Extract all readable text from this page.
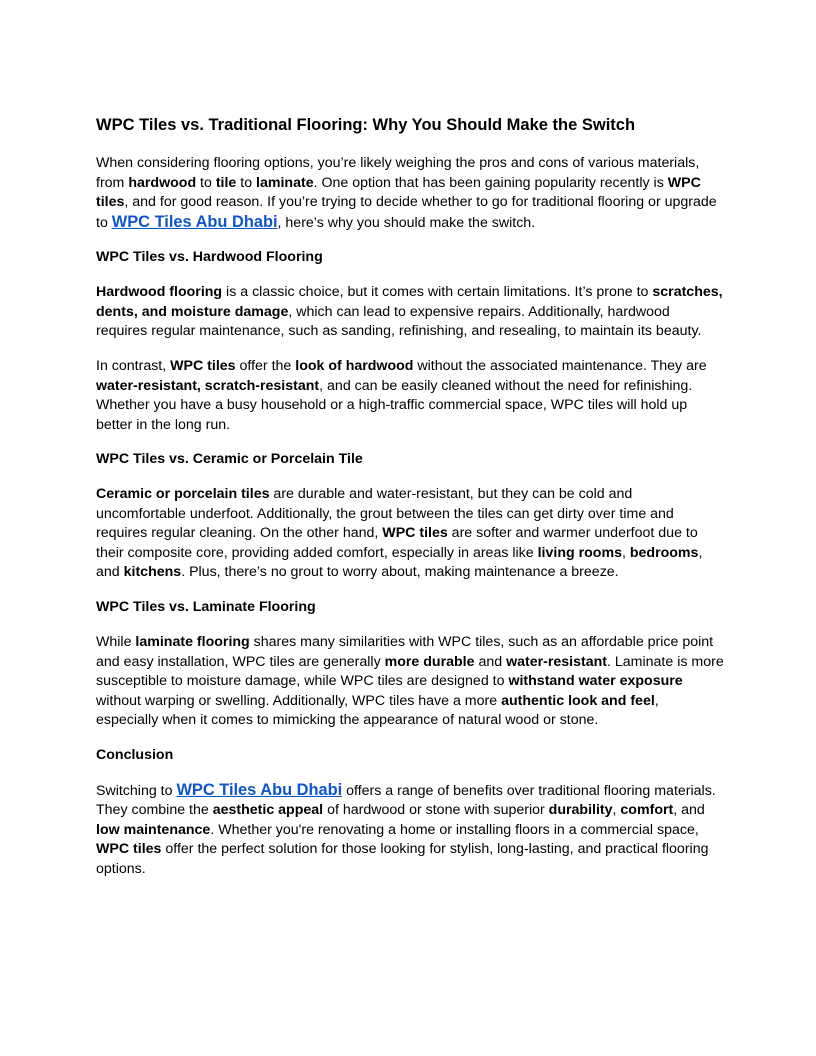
WPC Tiles vs. Traditional Flooring: Why You Should Make the Switch

When considering flooring options, you’re likely weighing the pros and cons of various materials, from hardwood to tile to laminate. One option that has been gaining popularity recently is WPC tiles, and for good reason. If you’re trying to decide whether to go for traditional flooring or upgrade to WPC Tiles Abu Dhabi, here’s why you should make the switch.

WPC Tiles vs. Hardwood Flooring

Hardwood flooring is a classic choice, but it comes with certain limitations. It’s prone to scratches, dents, and moisture damage, which can lead to expensive repairs. Additionally, hardwood requires regular maintenance, such as sanding, refinishing, and resealing, to maintain its beauty.

In contrast, WPC tiles offer the look of hardwood without the associated maintenance. They are water-resistant, scratch-resistant, and can be easily cleaned without the need for refinishing. Whether you have a busy household or a high-traffic commercial space, WPC tiles will hold up better in the long run.

WPC Tiles vs. Ceramic or Porcelain Tile

Ceramic or porcelain tiles are durable and water-resistant, but they can be cold and uncomfortable underfoot. Additionally, the grout between the tiles can get dirty over time and requires regular cleaning. On the other hand, WPC tiles are softer and warmer underfoot due to their composite core, providing added comfort, especially in areas like living rooms, bedrooms, and kitchens. Plus, there’s no grout to worry about, making maintenance a breeze.

WPC Tiles vs. Laminate Flooring

While laminate flooring shares many similarities with WPC tiles, such as an affordable price point and easy installation, WPC tiles are generally more durable and water-resistant. Laminate is more susceptible to moisture damage, while WPC tiles are designed to withstand water exposure without warping or swelling. Additionally, WPC tiles have a more authentic look and feel, especially when it comes to mimicking the appearance of natural wood or stone.

Conclusion

Switching to WPC Tiles Abu Dhabi offers a range of benefits over traditional flooring materials. They combine the aesthetic appeal of hardwood or stone with superior durability, comfort, and low maintenance. Whether you're renovating a home or installing floors in a commercial space, WPC tiles offer the perfect solution for those looking for stylish, long-lasting, and practical flooring options.
